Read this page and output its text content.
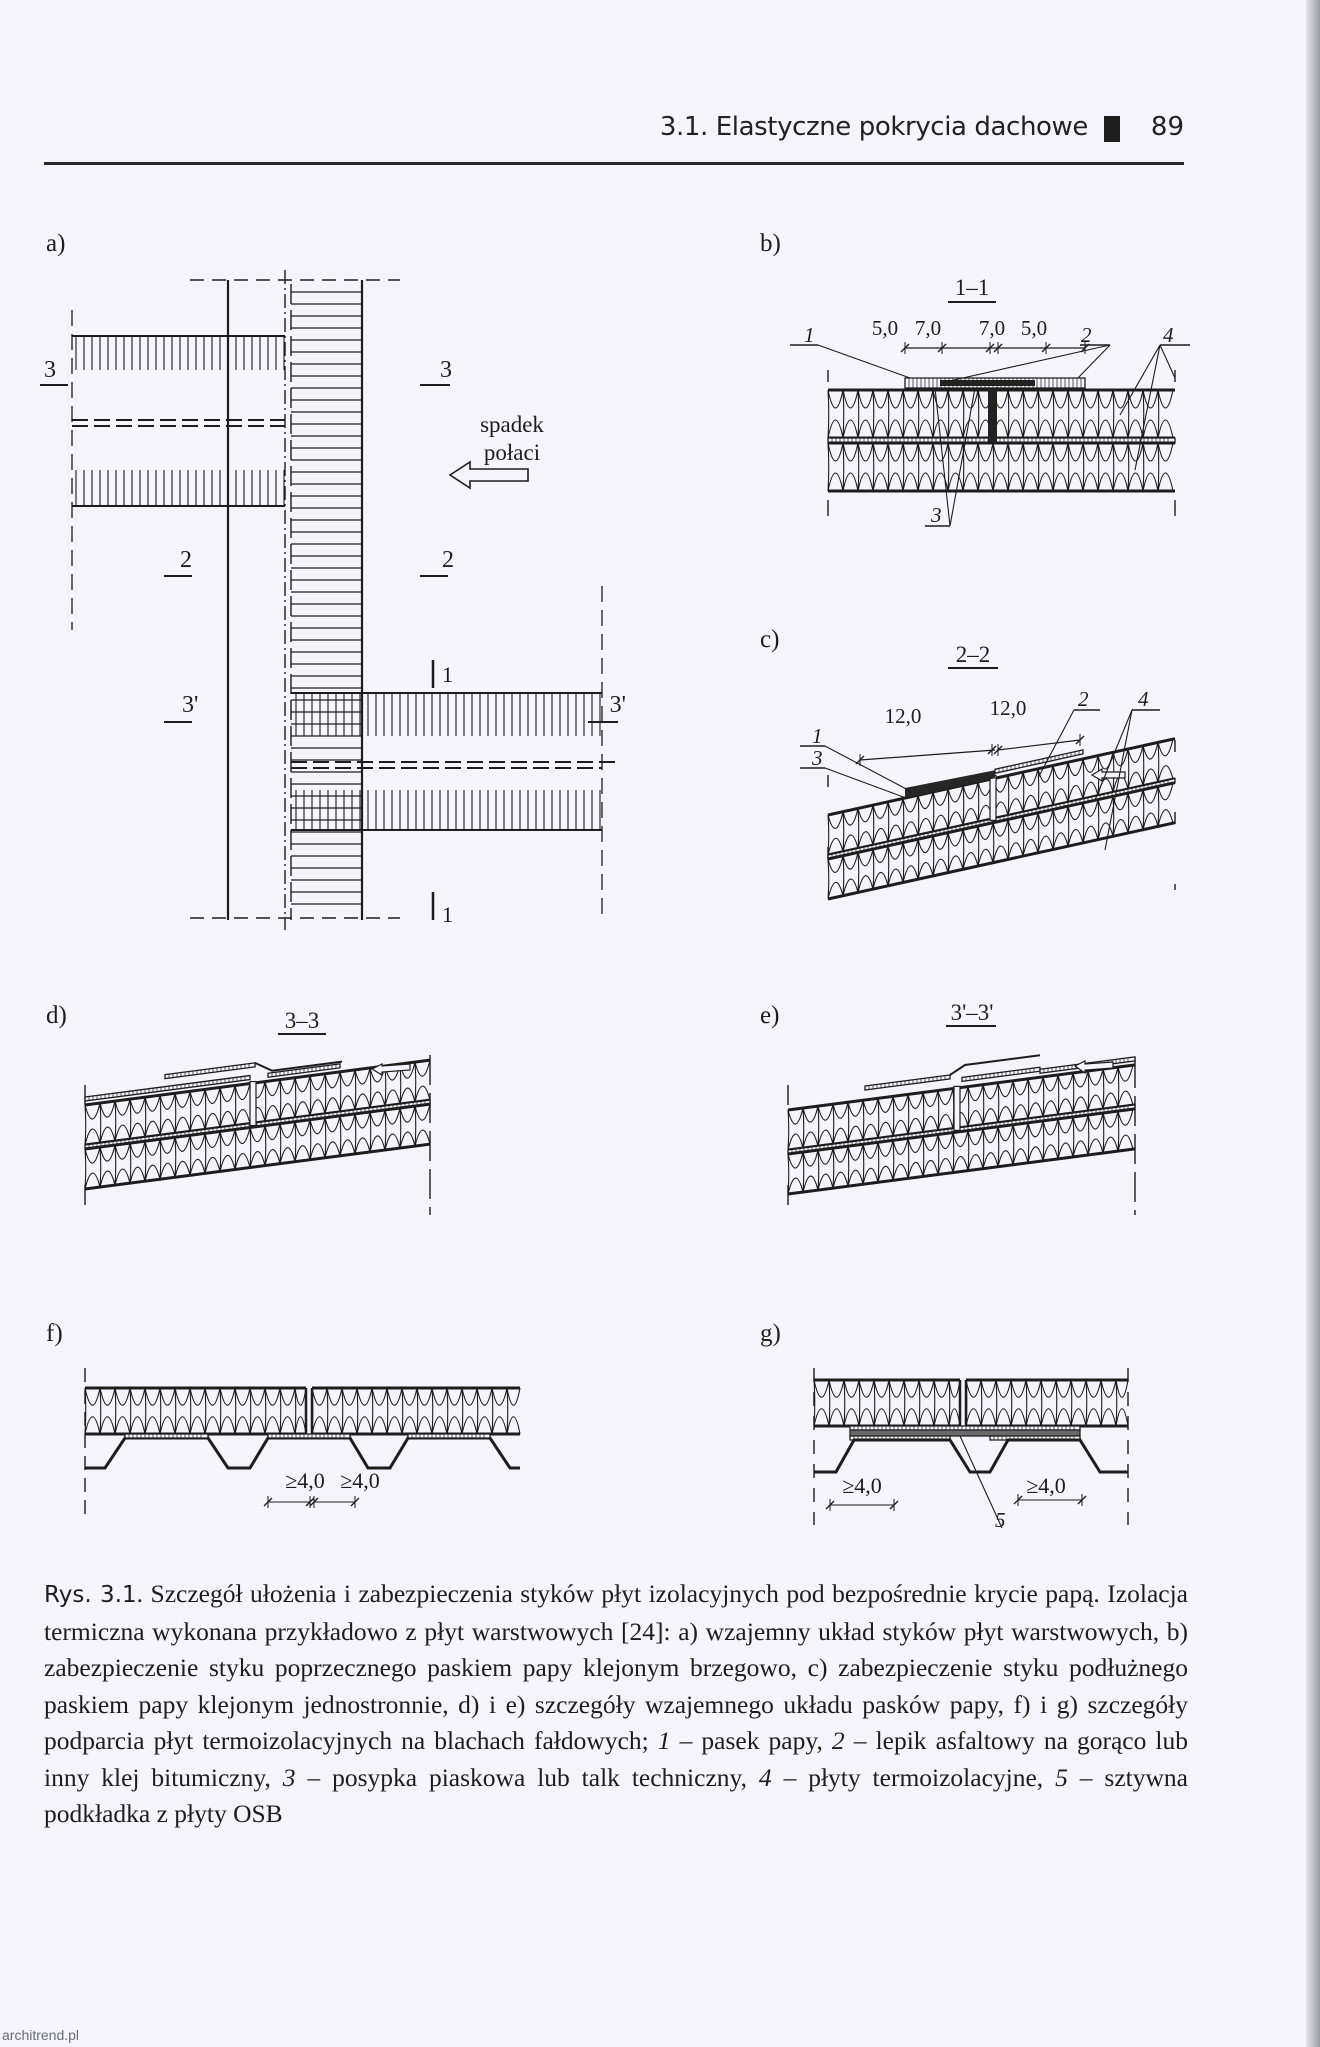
3.1. Elastyczne pokrycia dachowe 89
a)	b)
c)
d)	e)
f)	g)
3	3
2	2
3'	3'
1
1
spadek
połaci
1–1
5,0 7,0 7,0 5,0
1	2	4
3
2–2
12,0	12,0
1
3
2 4
3–3	3'–3'
≥4,0 ≥4,0	≥4,0	≥4,0
5
Rys. 3.1. Szczegół ułożenia i zabezpieczenia styków płyt izolacyjnych pod bezpośrednie krycie papą. Izolacja termiczna wykonana przykładowo z płyt warstwowych [24]: a) wzajemny układ styków płyt warstwowych, b) zabezpieczenie styku poprzecznego paskiem papy klejonym brzegowo, c) zabezpieczenie styku podłużnego paskiem papy klejonym jednostronnie, d) i e) szczegóły wzajemnego układu pasków papy, f) i g) szczegóły podparcia płyt termoizolacyjnych na blachach fałdowych; 1 – pasek papy, 2 – lepik asfaltowy na gorąco lub inny klej bitumiczny, 3 – posypka piaskowa lub talk techniczny, 4 – płyty termoizolacyjne, 5 – sztywna podkładka z płyty OSB
architrend.pl
